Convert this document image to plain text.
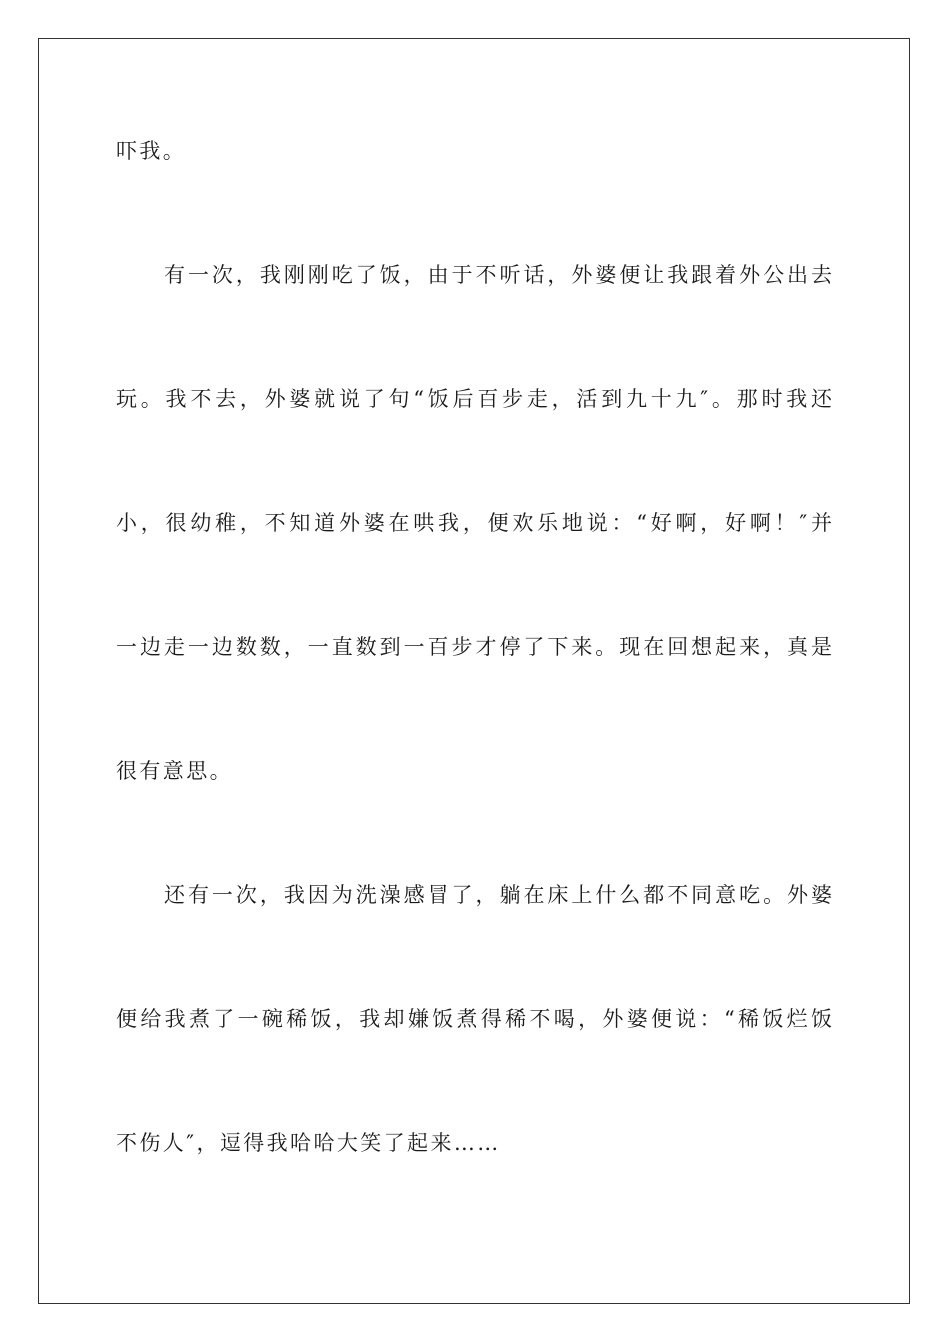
吓我。
有一次，我刚刚吃了饭，由于不听话，外婆便让我跟着外公出去
玩。我不去，外婆就说了句“饭后百步走，活到九十九″。那时我还
小，很幼稚，不知道外婆在哄我，便欢乐地说：“好啊，好啊！″并
一边走一边数数，一直数到一百步才停了下来。现在回想起来，真是
很有意思。
还有一次，我因为洗澡感冒了，躺在床上什么都不同意吃。外婆
便给我煮了一碗稀饭，我却嫌饭煮得稀不喝，外婆便说：“稀饭烂饭
不伤人″，逗得我哈哈大笑了起来……
